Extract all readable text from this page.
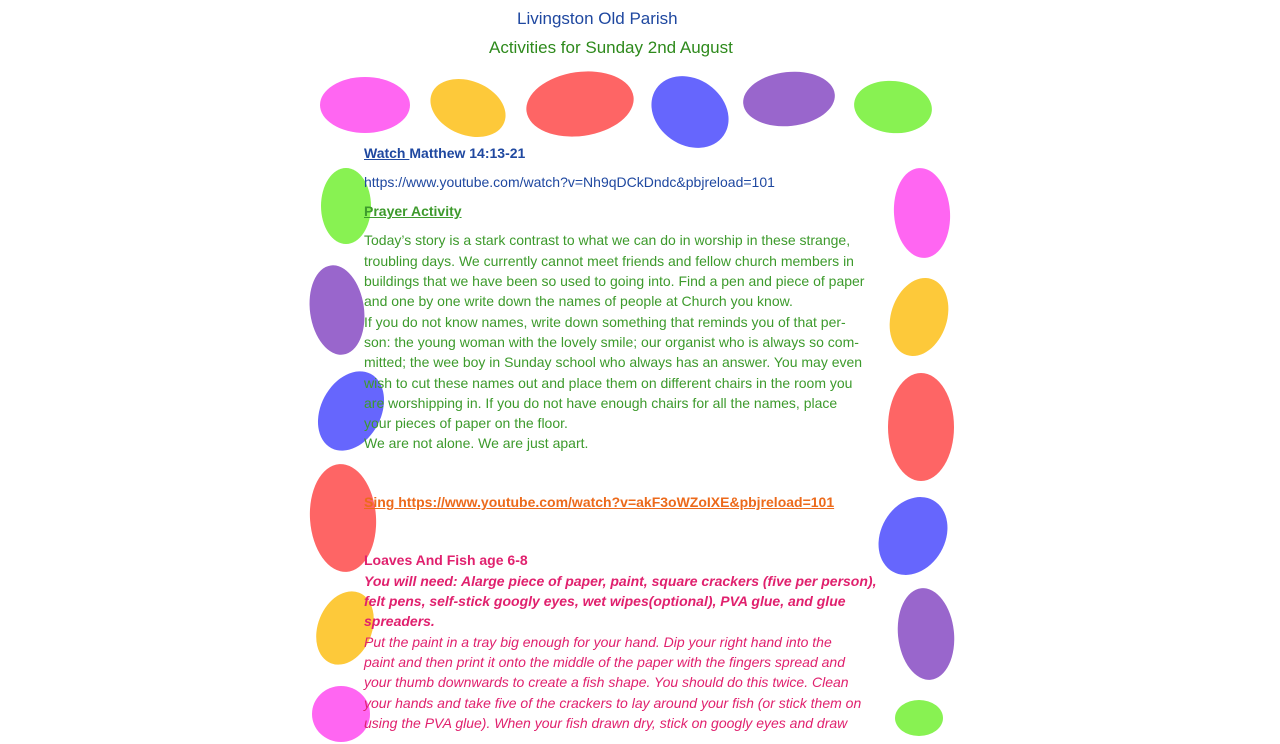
Livingston Old Parish
Activities for Sunday 2nd August
Watch Matthew 14:13-21
https://www.youtube.com/watch?v=Nh9qDCkDndc&pbjreload=101
Prayer Activity
Today’s story is a stark contrast to what we can do in worship in these strange,
troubling days. We currently cannot meet friends and fellow church members in
buildings that we have been so used to going into. Find a pen and piece of paper
and one by one write down the names of people at Church you know.
If you do not know names, write down something that reminds you of that per-
son: the young woman with the lovely smile; our organist who is always so com-
mitted; the wee boy in Sunday school who always has an answer. You may even
wish to cut these names out and place them on different chairs in the room you
are worshipping in. If you do not have enough chairs for all the names, place
your pieces of paper on the floor.
We are not alone. We are just apart.
Sing https://www.youtube.com/watch?v=akF3oWZoIXE&pbjreload=101
Loaves And Fish age 6-8
You will need: Alarge piece of paper, paint, square crackers (five per person),
felt pens, self-stick googly eyes, wet wipes(optional), PVA glue, and glue
spreaders.
Put the paint in a tray big enough for your hand. Dip your right hand into the
paint and then print it onto the middle of the paper with the fingers spread and
your thumb downwards to create a fish shape. You should do this twice. Clean
your hands and take five of the crackers to lay around your fish (or stick them on
using the PVA glue). When your fish drawn dry, stick on googly eyes and draw
